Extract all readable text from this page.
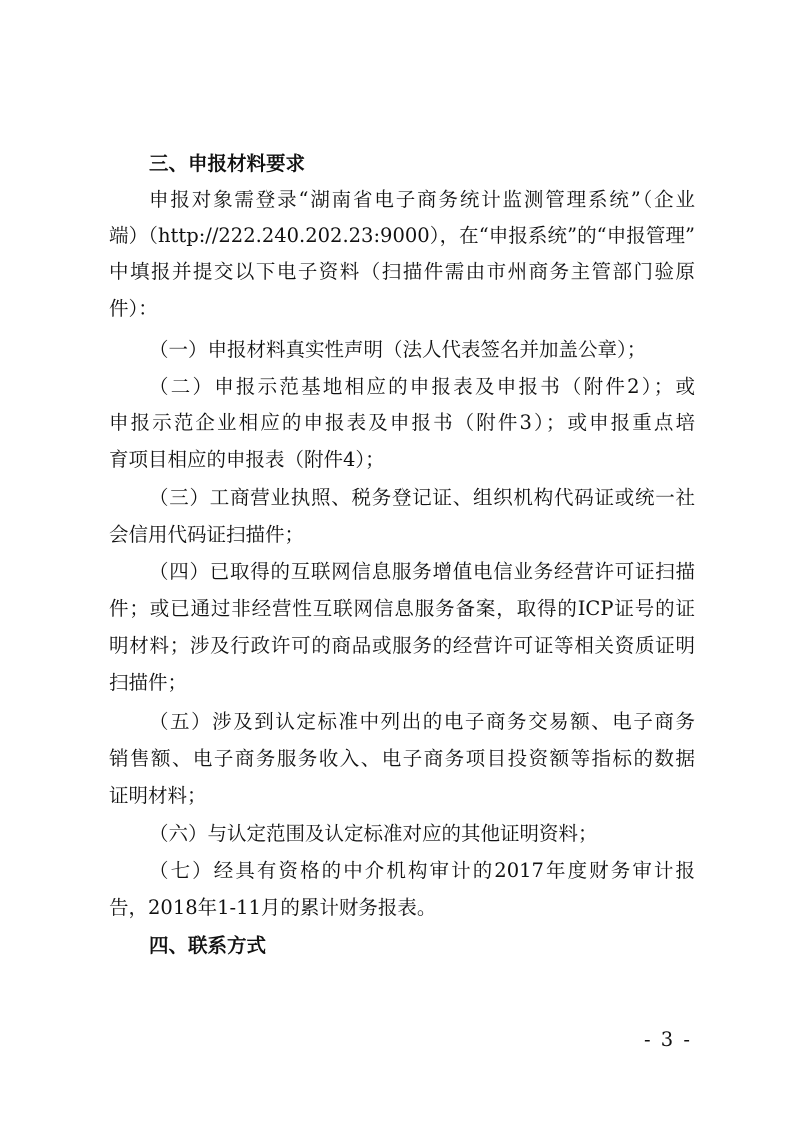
三、申报材料要求
申报对象需登录“湖南省电子商务统计监测管理系统”（企业
端）（http://222.240.202.23:9000），在“申报系统”的“申报管理”
中填报并提交以下电子资料（扫描件需由市州商务主管部门验原
件）：
（一）申报材料真实性声明（法人代表签名并加盖公章）；
（二）申报示范基地相应的申报表及申报书（附件2）；或
申报示范企业相应的申报表及申报书（附件3）；或申报重点培
育项目相应的申报表（附件4）；
（三）工商营业执照、税务登记证、组织机构代码证或统一社
会信用代码证扫描件；
（四）已取得的互联网信息服务增值电信业务经营许可证扫描
件；或已通过非经营性互联网信息服务备案，取得的ICP证号的证
明材料；涉及行政许可的商品或服务的经营许可证等相关资质证明
扫描件；
（五）涉及到认定标准中列出的电子商务交易额、电子商务
销售额、电子商务服务收入、电子商务项目投资额等指标的数据
证明材料；
（六）与认定范围及认定标准对应的其他证明资料；
（七）经具有资格的中介机构审计的2017年度财务审计报
告，2018年1-11月的累计财务报表。
四、联系方式
- 3 -
